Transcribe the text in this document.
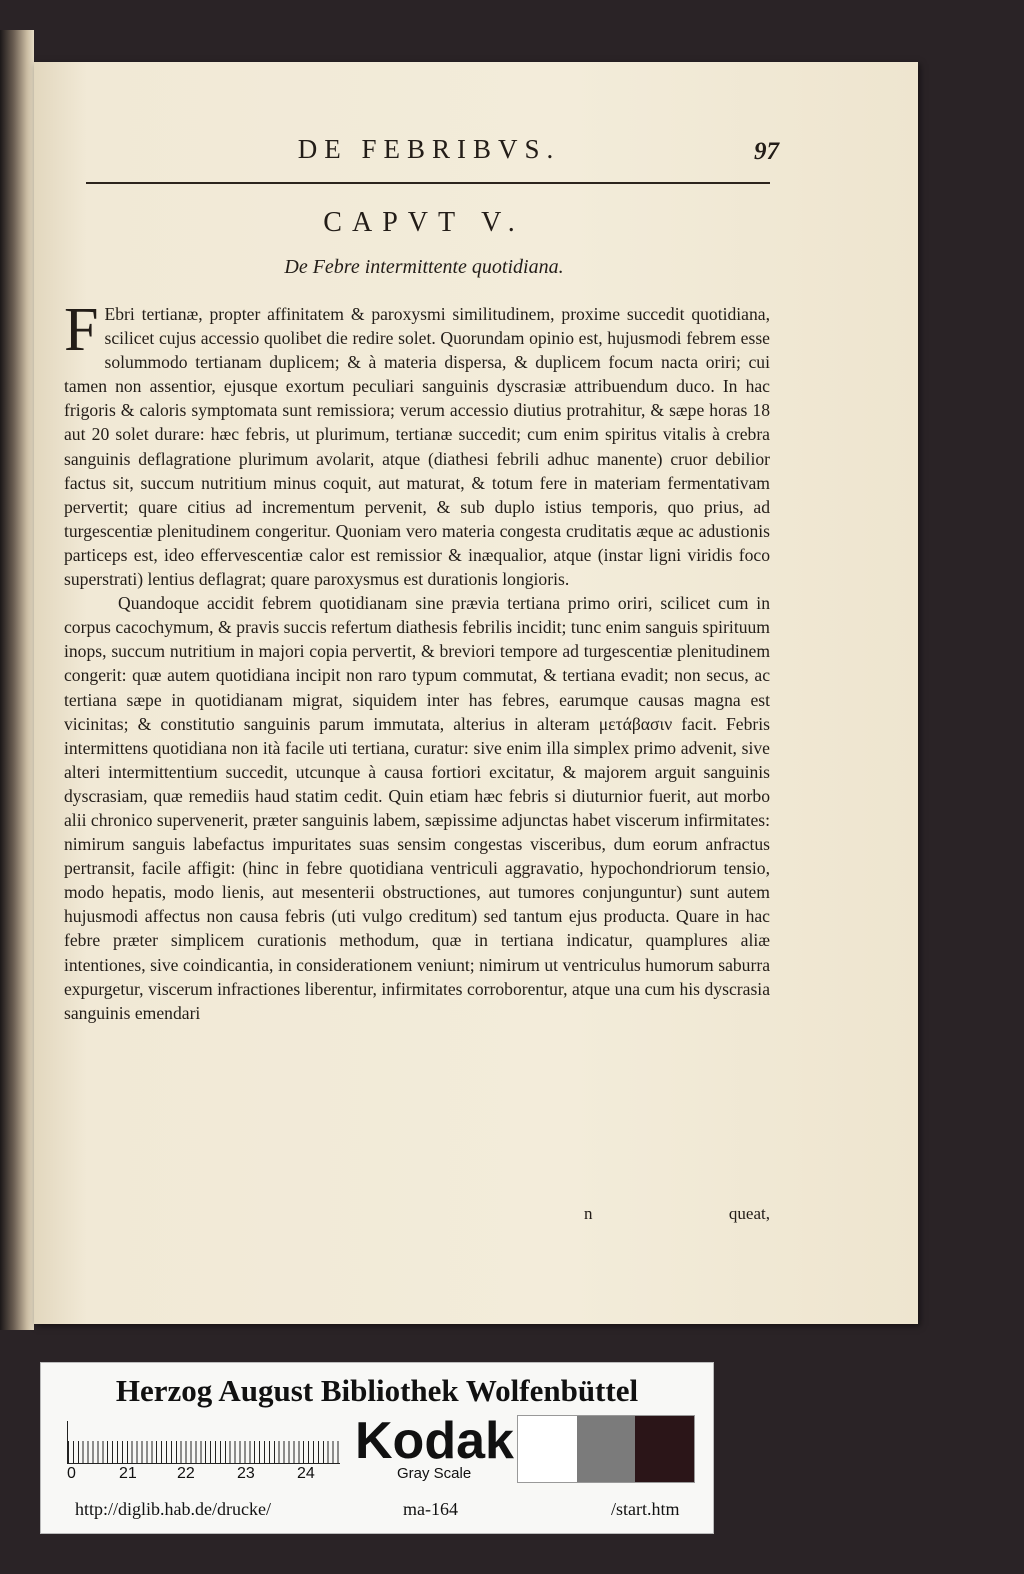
DE FEBRIBVS.	97
CAPVT V.
De Febre intermittente quotidiana.

F Ebri tertianæ, propter affinitatem & paroxysmi similitudinem, proxime succedit quotidiana, scilicet cujus accessio quolibet die redire solet. Quorundam opinio est, hujusmodi febrem esse solummodo tertianam duplicem; & à materia dispersa, & duplicem focum nacta oriri; cui tamen non assentior, ejusque exortum peculiari sanguinis dyscrasiæ attribuendum duco. In hac frigoris & caloris symptomata sunt remissiora; verum accessio diutius protrahitur, & sæpe horas 18 aut 20 solet durare: hæc febris, ut plurimum, tertianæ succedit; cum enim spiritus vitalis à crebra sanguinis deflagratione plurimum avolarit, atque (diathesi febrili adhuc manente) cruor debilior factus sit, succum nutritium minus coquit, aut maturat, & totum fere in materiam fermentativam pervertit; quare citius ad incrementum pervenit, & sub duplo istius temporis, quo prius, ad turgescentiæ plenitudinem congeritur. Quoniam vero materia congesta cruditatis æque ac adustionis particeps est, ideo effervescentiæ calor est remissior & inæqualior, atque (instar ligni viridis foco superstrati) lentius deflagrat; quare paroxysmus est durationis longioris.

Quandoque accidit febrem quotidianam sine prævia tertiana primo oriri, scilicet cum in corpus cacochymum, & pravis succis refertum diathesis febrilis incidit; tunc enim sanguis spirituum inops, succum nutritium in majori copia pervertit, & breviori tempore ad turgescentiæ plenitudinem congerit: quæ autem quotidiana incipit non raro typum commutat, & tertiana evadit; non secus, ac tertiana sæpe in quotidianam migrat, siquidem inter has febres, earumque causas magna est vicinitas; & constitutio sanguinis parum immutata, alterius in alteram μετάβασιν facit. Febris intermittens quotidiana non ità facile uti tertiana, curatur: sive enim illa simplex primo advenit, sive alteri intermittentium succedit, utcunque à causa fortiori excitatur, & majorem arguit sanguinis dyscrasiam, quæ remediis haud statim cedit. Quin etiam hæc febris si diuturnior fuerit, aut morbo alii chronico supervenerit, præter sanguinis labem, sæpissime adjunctas habet viscerum infirmitates: nimirum sanguis labefactus impuritates suas sensim congestas visceribus, dum eorum anfractus pertransit, facile affigit: (hinc in febre quotidiana ventriculi aggravatio, hypochondriorum tensio, modo hepatis, modo lienis, aut mesenterii obstructiones, aut tumores conjunguntur) sunt autem hujusmodi affectus non causa febris (uti vulgo creditum) sed tantum ejus producta. Quare in hac febre præter simplicem curationis methodum, quæ in tertiana indicatur, quamplures aliæ intentiones, sive coindicantia, in considerationem veniunt; nimirum ut ventriculus humorum saburra expurgetur, viscerum infractiones liberentur, infirmitates corroborentur, atque una cum his dyscrasia sanguinis emendari

n	queat,
Herzog August Bibliothek Wolfenbüttel
0	21	22	23	24
Kodak
Gray Scale
http://diglib.hab.de/drucke/	ma-164	/start.htm
